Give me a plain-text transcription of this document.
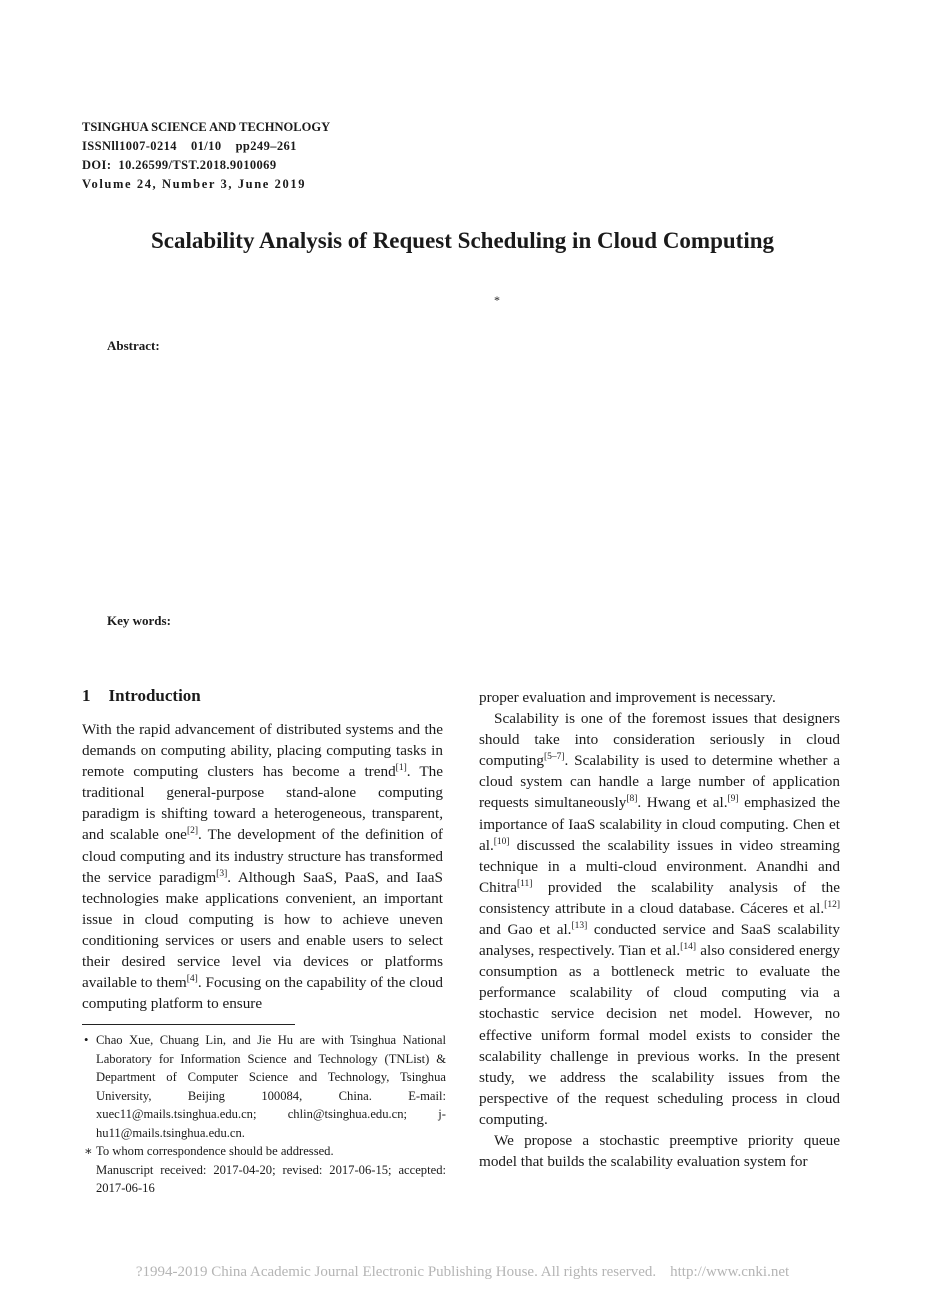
TSINGHUA SCIENCE AND TECHNOLOGY
ISSNll1007-0214    01/10    pp249–261
DOI:  10.26599/TST.2018.9010069
Volume 24, Number 3, June 2019
Scalability Analysis of Request Scheduling in Cloud Computing
*
Abstract:
Key words:
1 Introduction

With the rapid advancement of distributed systems and the demands on computing ability, placing computing tasks in remote computing clusters has become a trend[1]. The traditional general-purpose stand-alone computing paradigm is shifting toward a heterogeneous, transparent, and scalable one[2]. The development of the definition of cloud computing and its industry structure has transformed the service paradigm[3]. Although SaaS, PaaS, and IaaS technologies make applications convenient, an important issue in cloud computing is how to achieve uneven conditioning services or users and enable users to select their desired service level via devices or platforms available to them[4]. Focusing on the capability of the cloud computing platform to ensure

proper evaluation and improvement is necessary.

Scalability is one of the foremost issues that designers should take into consideration seriously in cloud computing[5–7]. Scalability is used to determine whether a cloud system can handle a large number of application requests simultaneously[8]. Hwang et al.[9] emphasized the importance of IaaS scalability in cloud computing. Chen et al.[10] discussed the scalability issues in video streaming technique in a multi-cloud environment. Anandhi and Chitra[11] provided the scalability analysis of the consistency attribute in a cloud database. Cáceres et al.[12] and Gao et al.[13] conducted service and SaaS scalability analyses, respectively. Tian et al.[14] also considered energy consumption as a bottleneck metric to evaluate the performance scalability of cloud computing via a stochastic service decision net model. However, no effective uniform formal model exists to consider the scalability challenge in previous works. In the present study, we address the scalability issues from the perspective of the request scheduling process in cloud computing.

We propose a stochastic preemptive priority queue model that builds the scalability evaluation system for

• Chao Xue, Chuang Lin, and Jie Hu are with Tsinghua National Laboratory for Information Science and Technology (TNList) & Department of Computer Science and Technology, Tsinghua University, Beijing 100084, China. E-mail: xuec11@mails.tsinghua.edu.cn; chlin@tsinghua.edu.cn; j-hu11@mails.tsinghua.edu.cn.

∗ To whom correspondence should be addressed.

Manuscript received: 2017-04-20; revised: 2017-06-15; accepted: 2017-06-16

?1994-2019 China Academic Journal Electronic Publishing House. All rights reserved. http://www.cnki.net
